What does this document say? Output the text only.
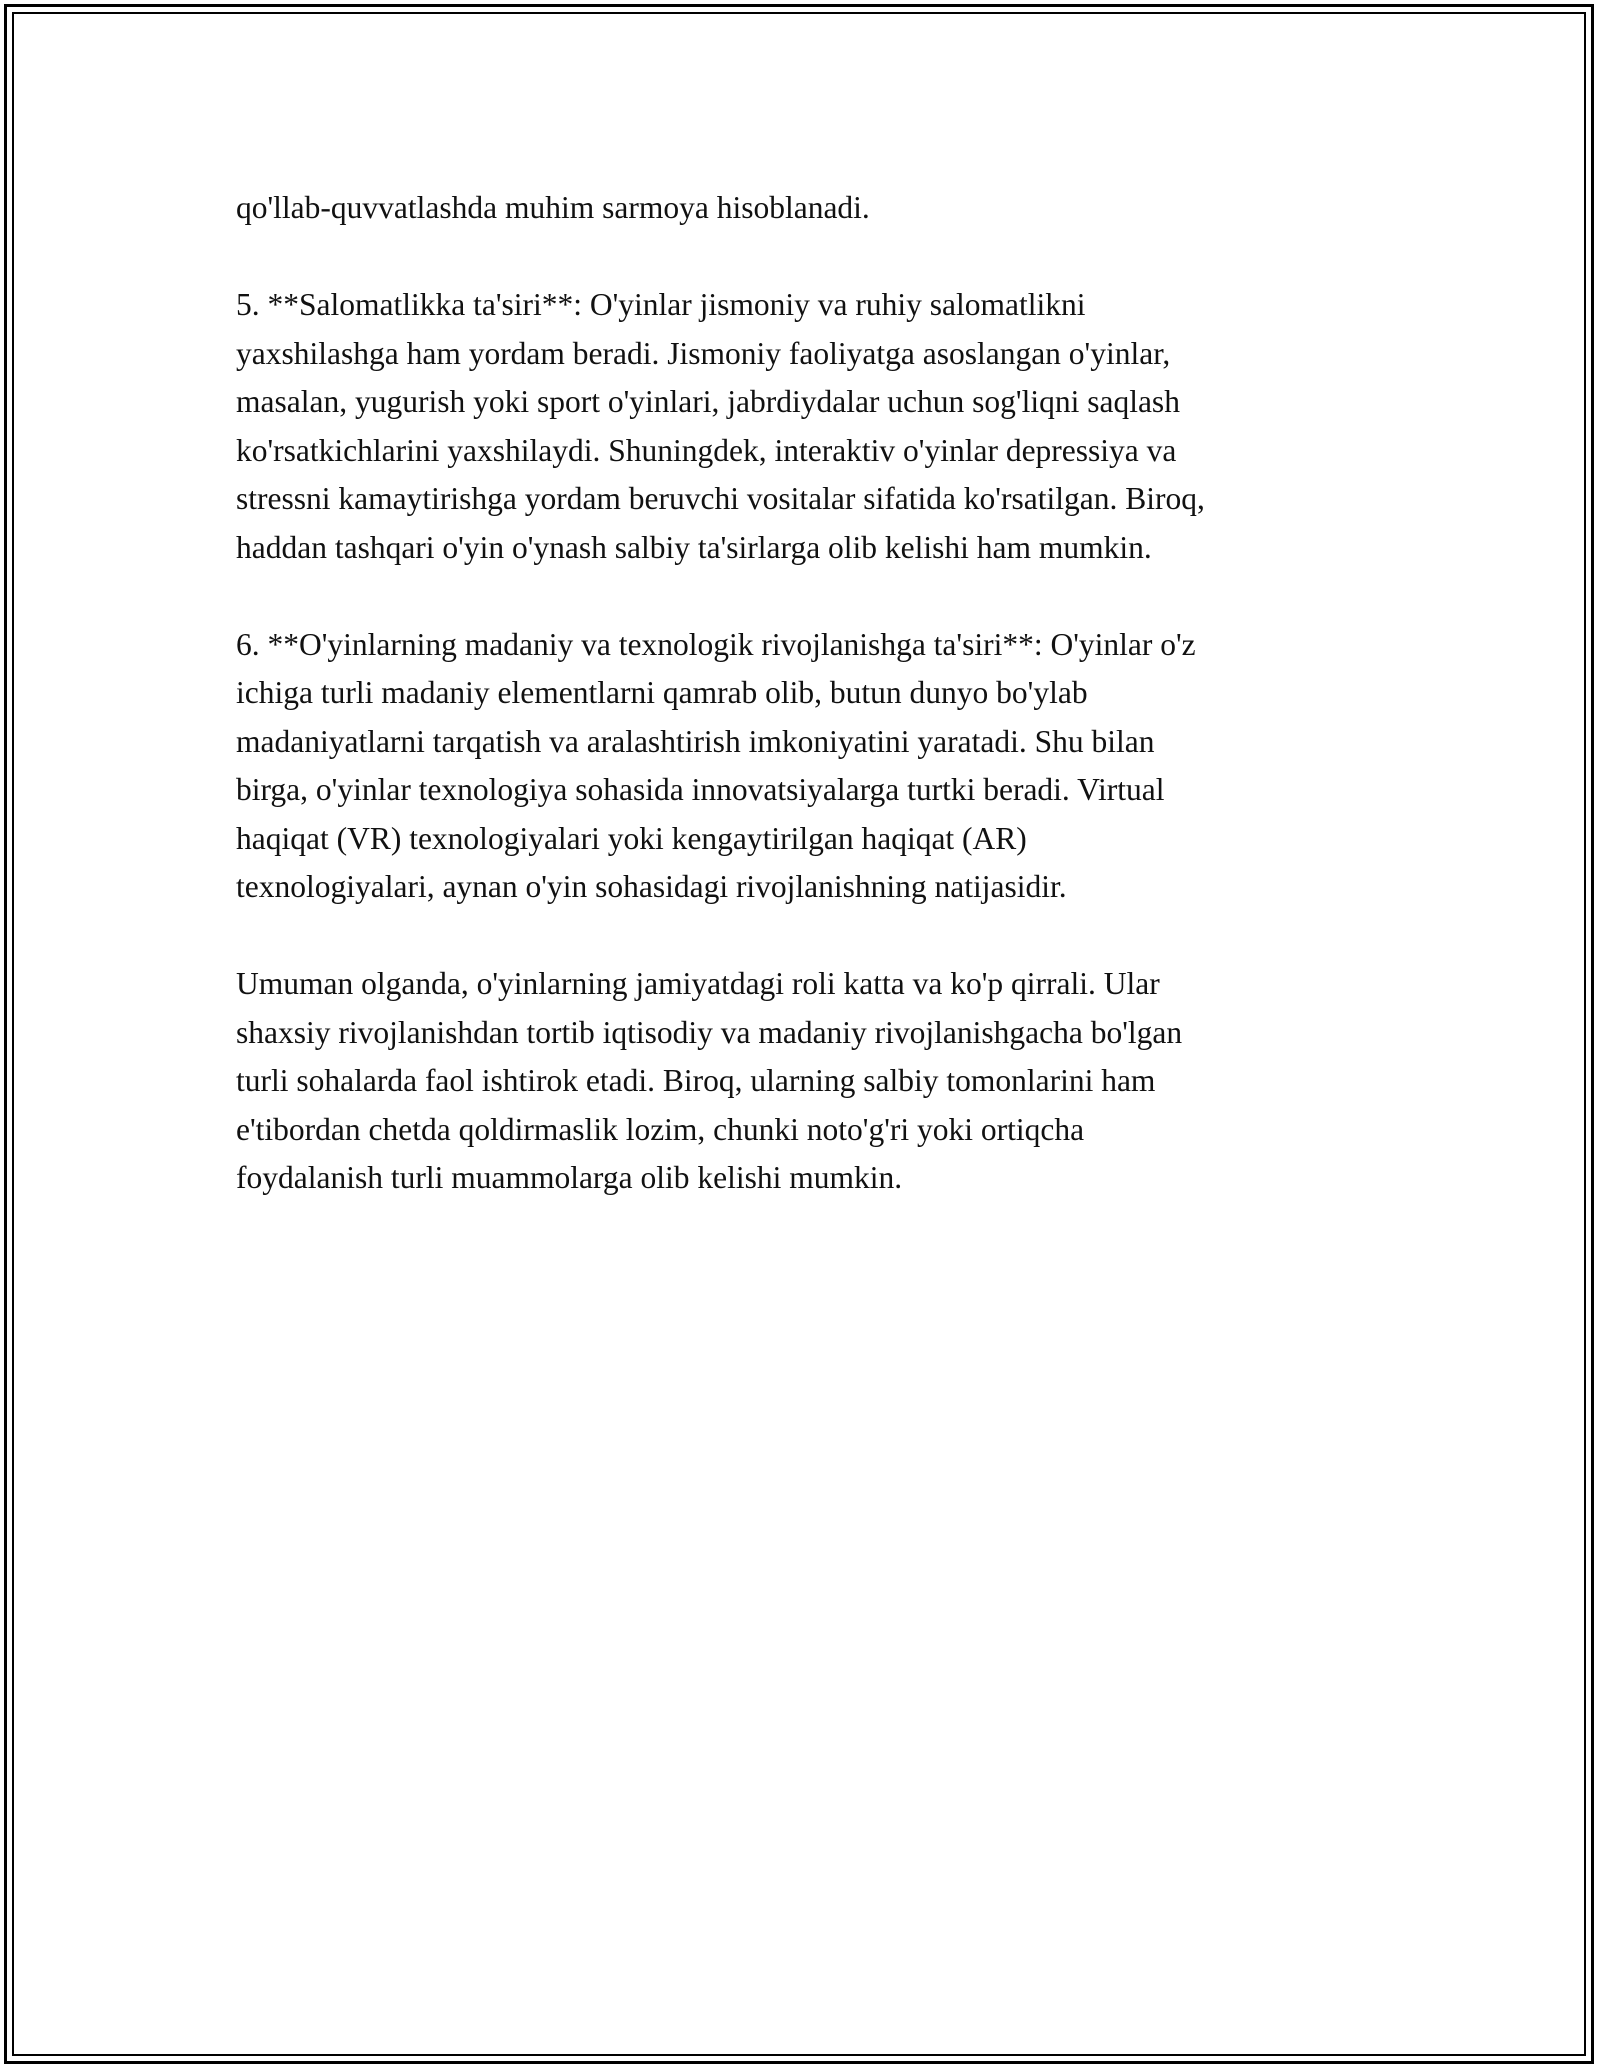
qo'llab-quvvatlashda muhim sarmoya hisoblanadi.

5. **Salomatlikka ta'siri**: O'yinlar jismoniy va ruhiy salomatlikni
yaxshilashga ham yordam beradi. Jismoniy faoliyatga asoslangan o'yinlar,
masalan, yugurish yoki sport o'yinlari, jabrdiydalar uchun sog'liqni saqlash
ko'rsatkichlarini yaxshilaydi. Shuningdek, interaktiv o'yinlar depressiya va
stressni kamaytirishga yordam beruvchi vositalar sifatida ko'rsatilgan. Biroq,
haddan tashqari o'yin o'ynash salbiy ta'sirlarga olib kelishi ham mumkin.

6. **O'yinlarning madaniy va texnologik rivojlanishga ta'siri**: O'yinlar o'z
ichiga turli madaniy elementlarni qamrab olib, butun dunyo bo'ylab
madaniyatlarni tarqatish va aralashtirish imkoniyatini yaratadi. Shu bilan
birga, o'yinlar texnologiya sohasida innovatsiyalarga turtki beradi. Virtual
haqiqat (VR) texnologiyalari yoki kengaytirilgan haqiqat (AR)
texnologiyalari, aynan o'yin sohasidagi rivojlanishning natijasidir.

Umuman olganda, o'yinlarning jamiyatdagi roli katta va ko'p qirrali. Ular
shaxsiy rivojlanishdan tortib iqtisodiy va madaniy rivojlanishgacha bo'lgan
turli sohalarda faol ishtirok etadi. Biroq, ularning salbiy tomonlarini ham
e'tibordan chetda qoldirmaslik lozim, chunki noto'g'ri yoki ortiqcha
foydalanish turli muammolarga olib kelishi mumkin.
